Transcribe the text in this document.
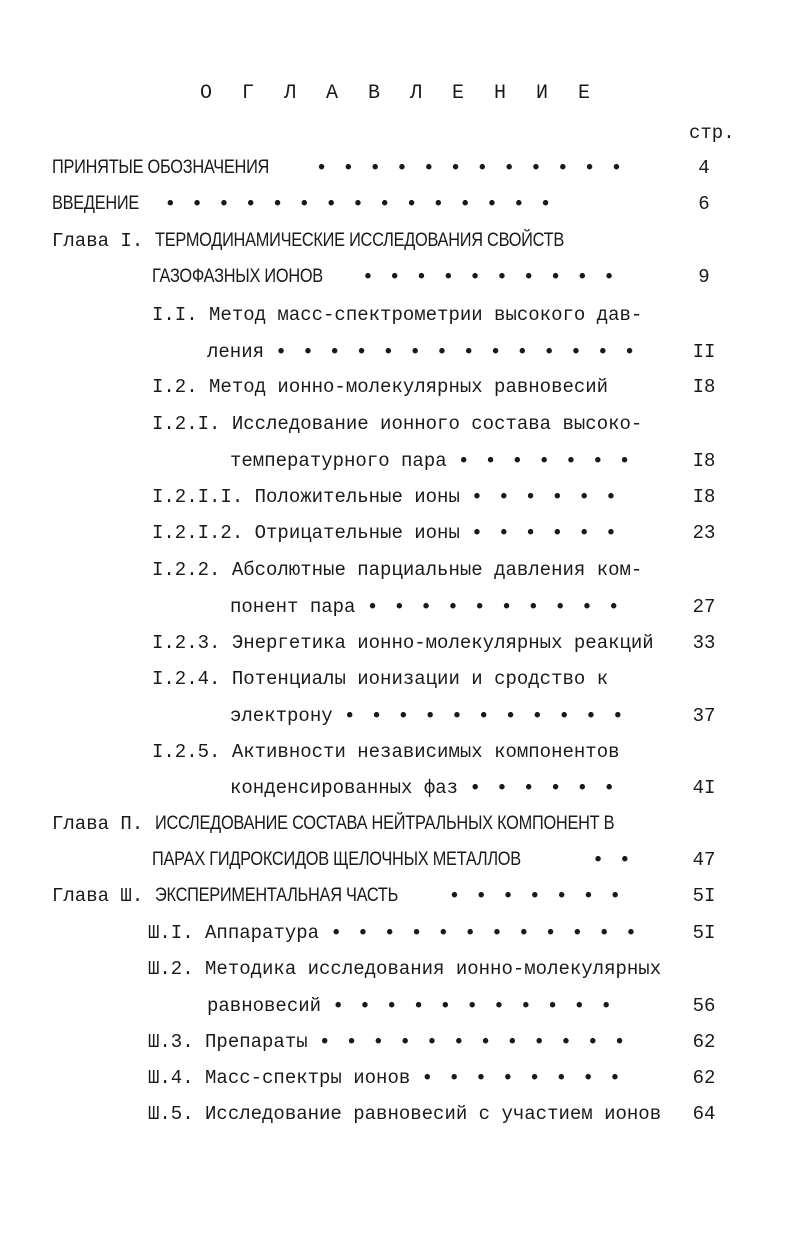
О Г Л А В Л Е Н И Е
стр.
ПРИНЯТЫЕ ОБОЗНАЧЕНИЯ • • • • • • • • • • • •	4
ВВЕДЕНИЕ • • • • • • • • • • • • • • •	6
Глава I. ТЕРМОДИНАМИЧЕСКИЕ ИССЛЕДОВАНИЯ СВОЙСТВ
ГАЗОФАЗНЫХ ИОНОВ • • • • • • • • • •	9
I.I. Метод масс-спектрометрии высокого дав-
ления • • • • • • • • • • • • • •	II
I.2. Метод ионно-молекулярных равновесий	I8
I.2.I. Исследование ионного состава высоко-
температурного пара • • • • • • •	I8
I.2.I.I. Положительные ионы • • • • • •	I8
I.2.I.2. Отрицательные ионы • • • • • •	23
I.2.2. Абсолютные парциальные давления ком-
понент пара • • • • • • • • • •	27
I.2.3. Энергетика ионно-молекулярных реакций	33
I.2.4. Потенциалы ионизации и сродство к
электрону • • • • • • • • • • •	37
I.2.5. Активности независимых компонентов
конденсированных фаз • • • • • •	4I
Глава П. ИССЛЕДОВАНИЕ СОСТАВА НЕЙТРАЛЬНЫХ КОМПОНЕНТ В
ПАРАХ ГИДРОКСИДОВ ЩЕЛОЧНЫХ МЕТАЛЛОВ	• •	47
Глава Ш. ЭКСПЕРИМЕНТАЛЬНАЯ ЧАСТЬ	• • • • • • •	5I
Ш.I. Аппаратура • • • • • • • • • • • •	5I
Ш.2. Методика исследования ионно-молекулярных
равновесий • • • • • • • • • • •	56
Ш.3. Препараты • • • • • • • • • • • •	62
Ш.4. Масс-спектры ионов • • • • • • • •	62
Ш.5. Исследование равновесий с участием ионов	64
